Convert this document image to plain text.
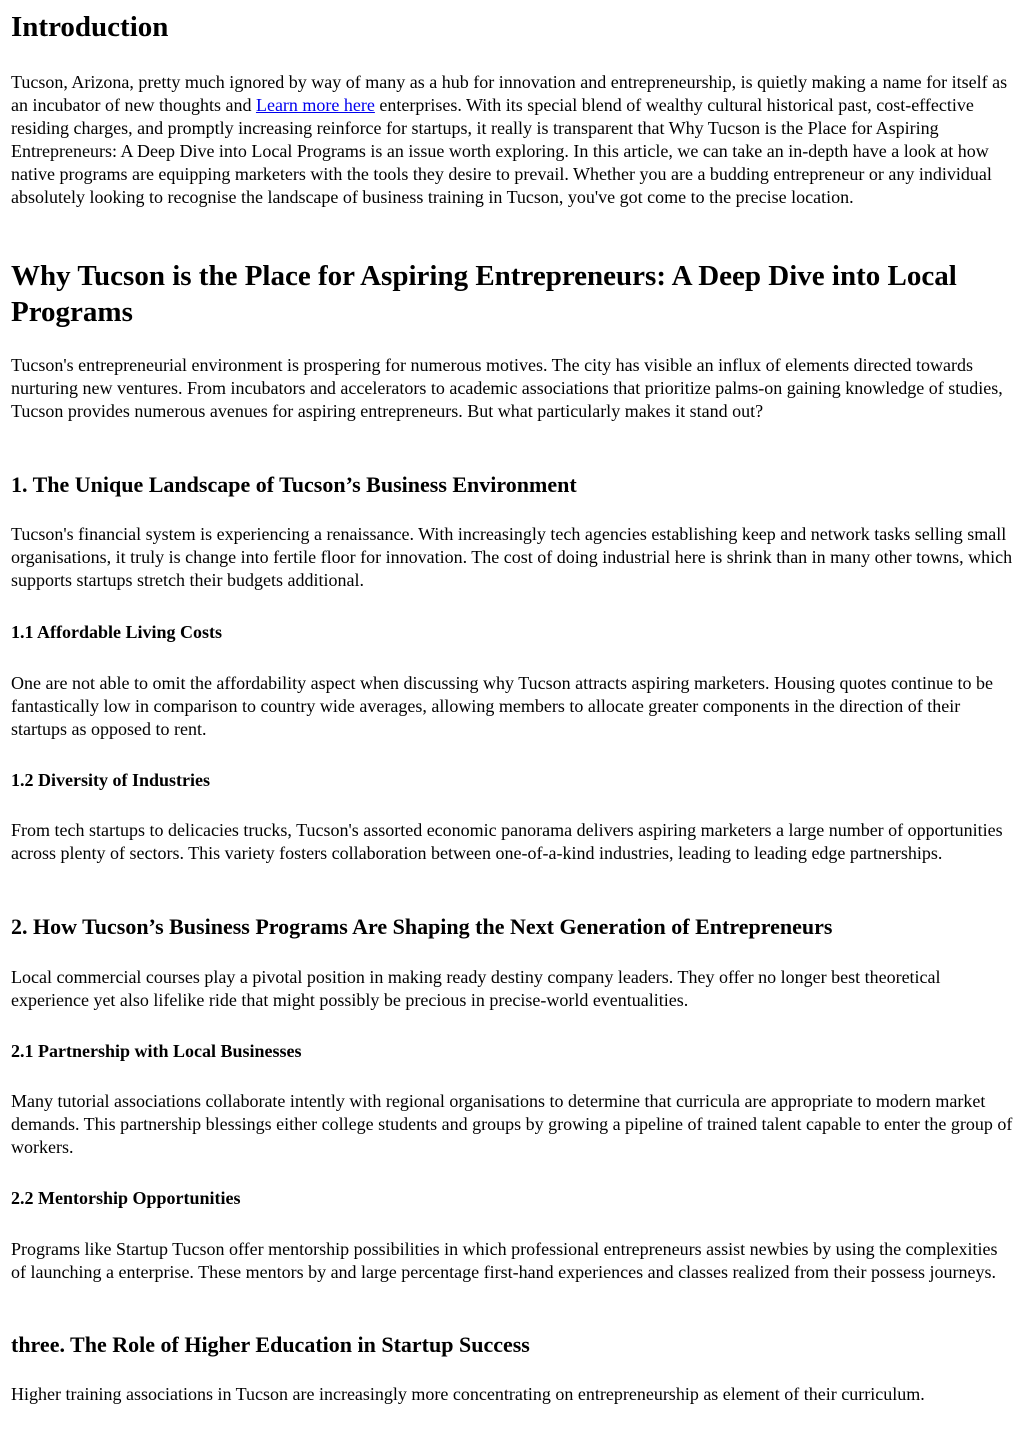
Introduction

Tucson, Arizona, pretty much ignored by way of many as a hub for innovation and entrepreneurship, is quietly making a name for itself as an incubator of new thoughts and Learn more here enterprises. With its special blend of wealthy cultural historical past, cost-effective residing charges, and promptly increasing reinforce for startups, it really is transparent that Why Tucson is the Place for Aspiring Entrepreneurs: A Deep Dive into Local Programs is an issue worth exploring. In this article, we can take an in-depth have a look at how native programs are equipping marketers with the tools they desire to prevail. Whether you are a budding entrepreneur or any individual absolutely looking to recognise the landscape of business training in Tucson, you've got come to the precise location.

Why Tucson is the Place for Aspiring Entrepreneurs: A Deep Dive into Local Programs

Tucson's entrepreneurial environment is prospering for numerous motives. The city has visible an influx of elements directed towards nurturing new ventures. From incubators and accelerators to academic associations that prioritize palms-on gaining knowledge of studies, Tucson provides numerous avenues for aspiring entrepreneurs. But what particularly makes it stand out?

1. The Unique Landscape of Tucson’s Business Environment

Tucson's financial system is experiencing a renaissance. With increasingly tech agencies establishing keep and network tasks selling small organisations, it truly is change into fertile floor for innovation. The cost of doing industrial here is shrink than in many other towns, which supports startups stretch their budgets additional.

1.1 Affordable Living Costs

One are not able to omit the affordability aspect when discussing why Tucson attracts aspiring marketers. Housing quotes continue to be fantastically low in comparison to country wide averages, allowing members to allocate greater components in the direction of their startups as opposed to rent.

1.2 Diversity of Industries

From tech startups to delicacies trucks, Tucson's assorted economic panorama delivers aspiring marketers a large number of opportunities across plenty of sectors. This variety fosters collaboration between one-of-a-kind industries, leading to leading edge partnerships.

2. How Tucson’s Business Programs Are Shaping the Next Generation of Entrepreneurs

Local commercial courses play a pivotal position in making ready destiny company leaders. They offer no longer best theoretical experience yet also lifelike ride that might possibly be precious in precise-world eventualities.

2.1 Partnership with Local Businesses

Many tutorial associations collaborate intently with regional organisations to determine that curricula are appropriate to modern market demands. This partnership blessings either college students and groups by growing a pipeline of trained talent capable to enter the group of workers.

2.2 Mentorship Opportunities

Programs like Startup Tucson offer mentorship possibilities in which professional entrepreneurs assist newbies by using the complexities of launching a enterprise. These mentors by and large percentage first-hand experiences and classes realized from their possess journeys.

three. The Role of Higher Education in Startup Success

Higher training associations in Tucson are increasingly more concentrating on entrepreneurship as element of their curriculum.
